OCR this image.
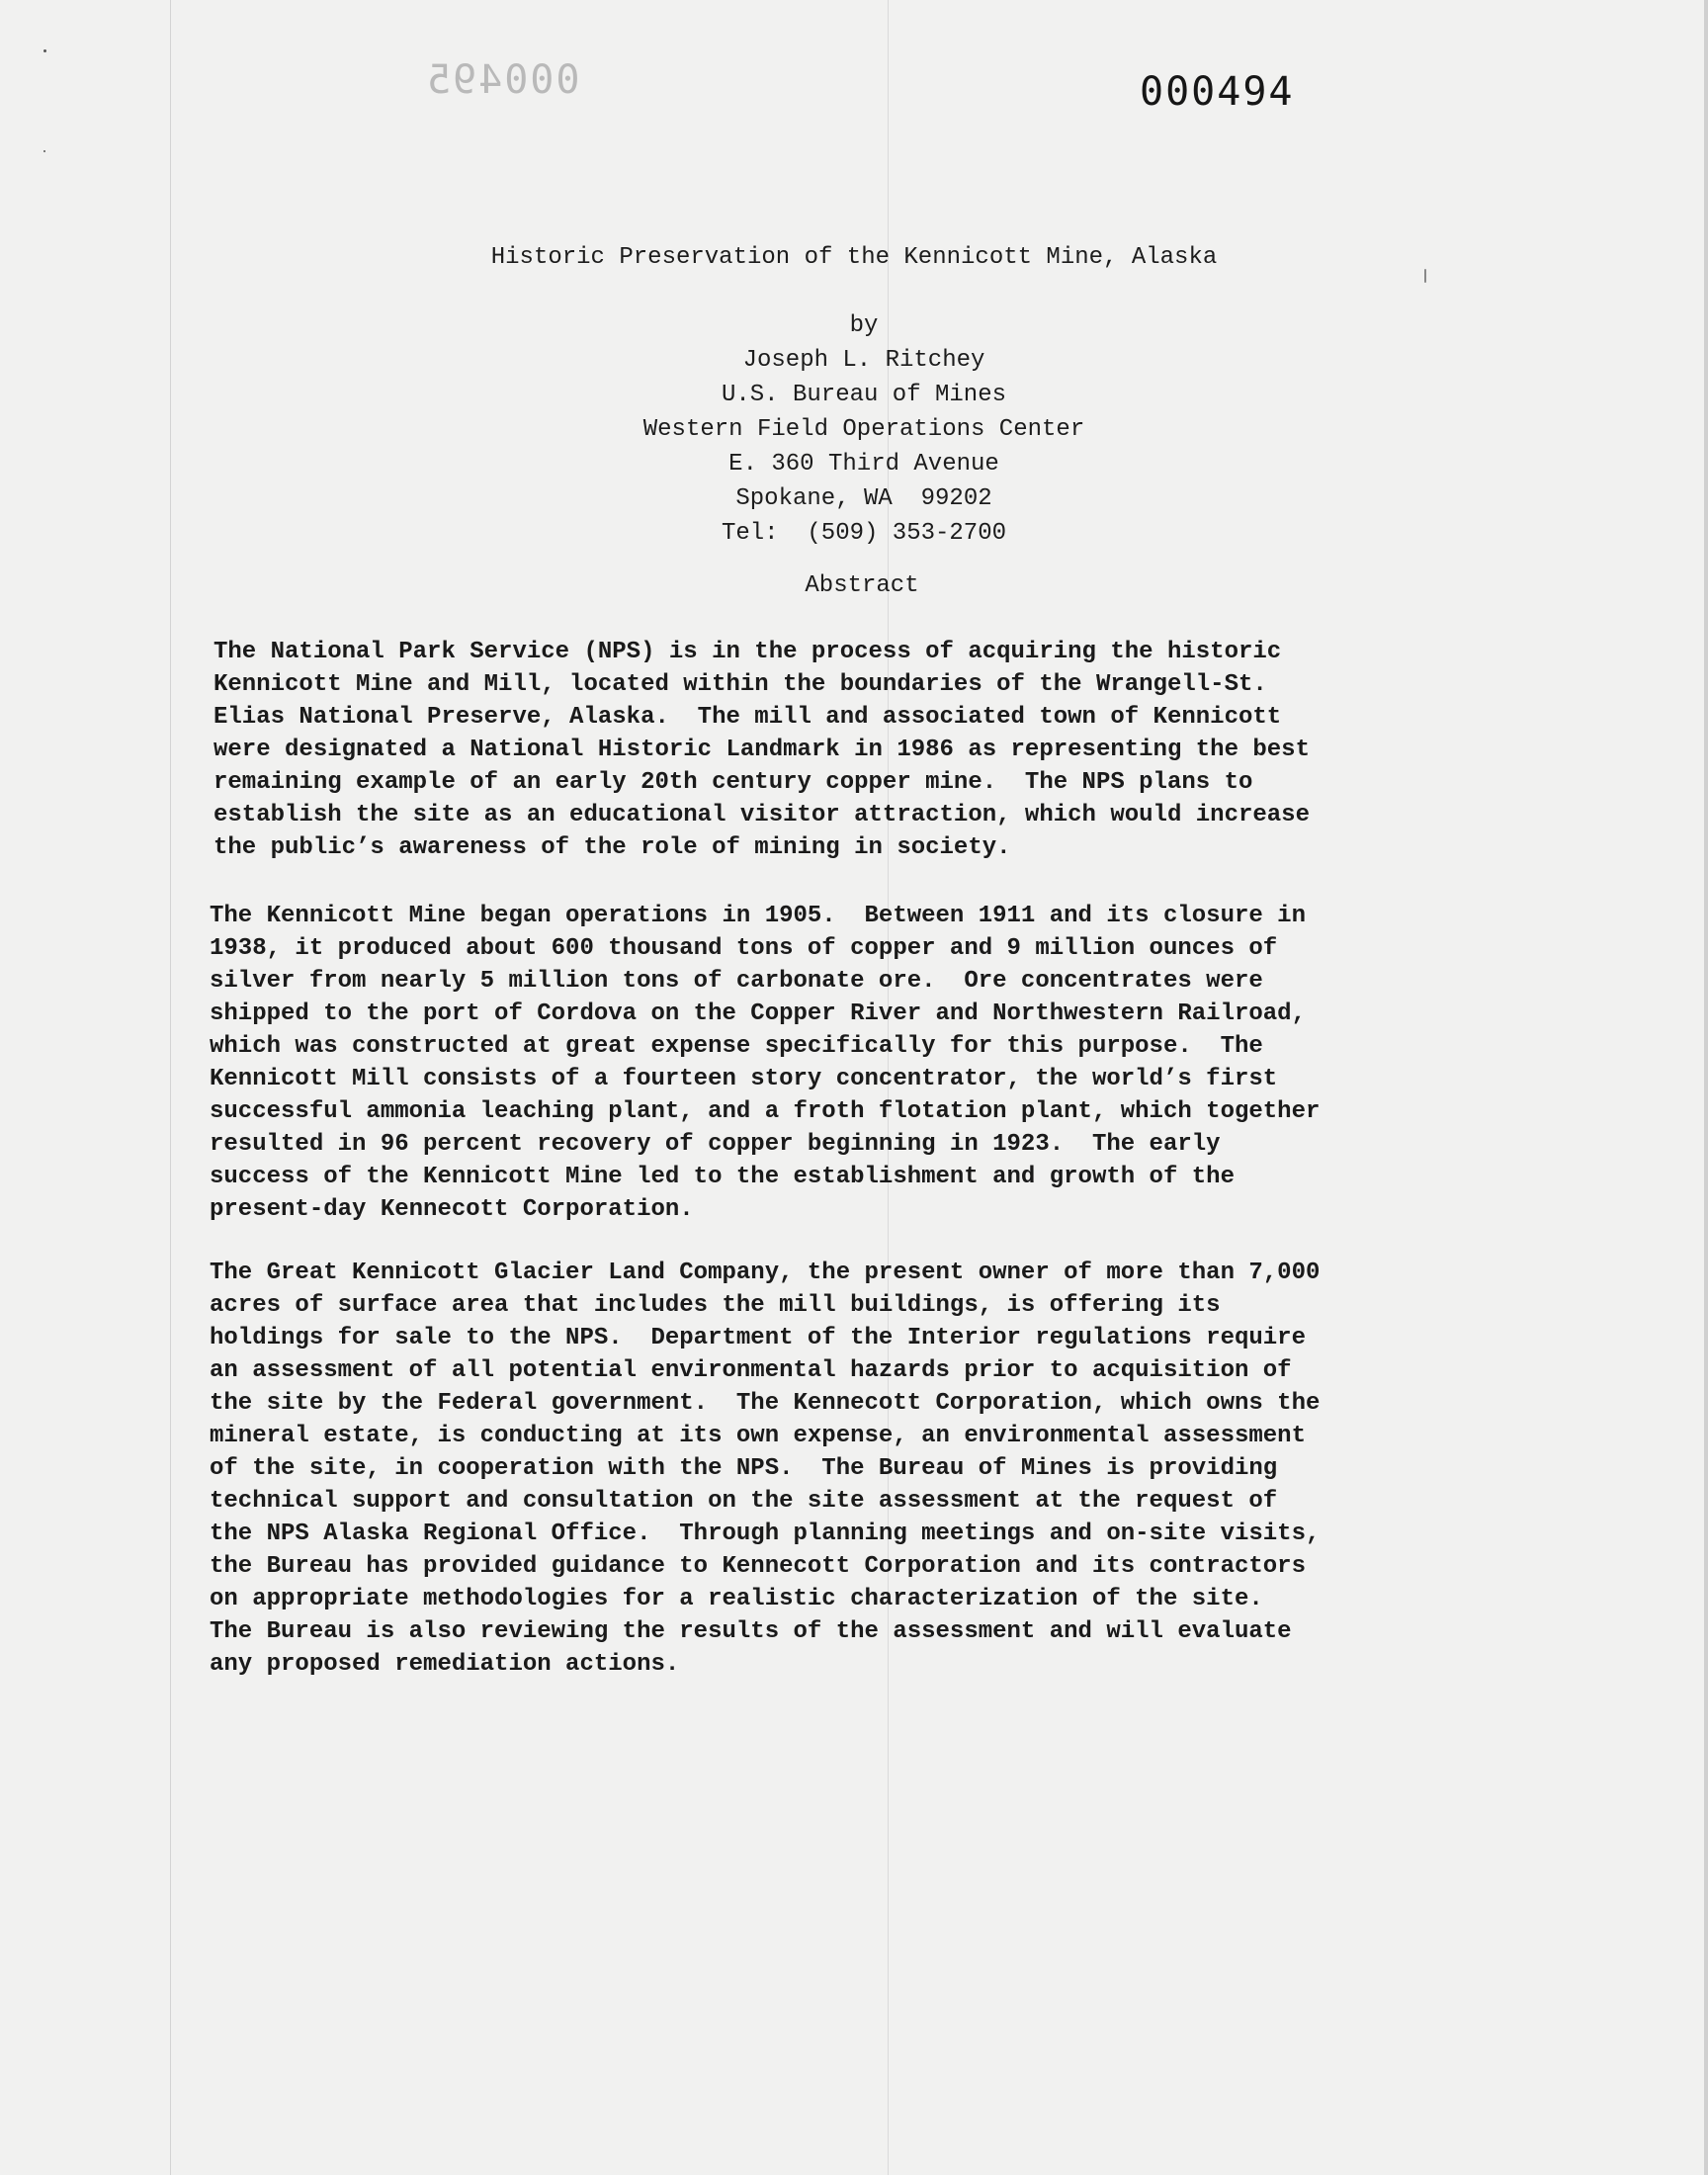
000495	000494
Historic Preservation of the Kennicott Mine, Alaska
by
Joseph L. Ritchey
U.S. Bureau of Mines
Western Field Operations Center
E. 360 Third Avenue
Spokane, WA  99202
Tel:  (509) 353-2700
Abstract
The National Park Service (NPS) is in the process of acquiring the historic
Kennicott Mine and Mill, located within the boundaries of the Wrangell-St.
Elias National Preserve, Alaska.  The mill and associated town of Kennicott
were designated a National Historic Landmark in 1986 as representing the best
remaining example of an early 20th century copper mine.  The NPS plans to
establish the site as an educational visitor attraction, which would increase
the public’s awareness of the role of mining in society.
The Kennicott Mine began operations in 1905.  Between 1911 and its closure in
1938, it produced about 600 thousand tons of copper and 9 million ounces of
silver from nearly 5 million tons of carbonate ore.  Ore concentrates were
shipped to the port of Cordova on the Copper River and Northwestern Railroad,
which was constructed at great expense specifically for this purpose.  The
Kennicott Mill consists of a fourteen story concentrator, the world’s first
successful ammonia leaching plant, and a froth flotation plant, which together
resulted in 96 percent recovery of copper beginning in 1923.  The early
success of the Kennicott Mine led to the establishment and growth of the
present-day Kennecott Corporation.
The Great Kennicott Glacier Land Company, the present owner of more than 7,000
acres of surface area that includes the mill buildings, is offering its
holdings for sale to the NPS.  Department of the Interior regulations require
an assessment of all potential environmental hazards prior to acquisition of
the site by the Federal government.  The Kennecott Corporation, which owns the
mineral estate, is conducting at its own expense, an environmental assessment
of the site, in cooperation with the NPS.  The Bureau of Mines is providing
technical support and consultation on the site assessment at the request of
the NPS Alaska Regional Office.  Through planning meetings and on-site visits,
the Bureau has provided guidance to Kennecott Corporation and its contractors
on appropriate methodologies for a realistic characterization of the site.
The Bureau is also reviewing the results of the assessment and will evaluate
any proposed remediation actions.
